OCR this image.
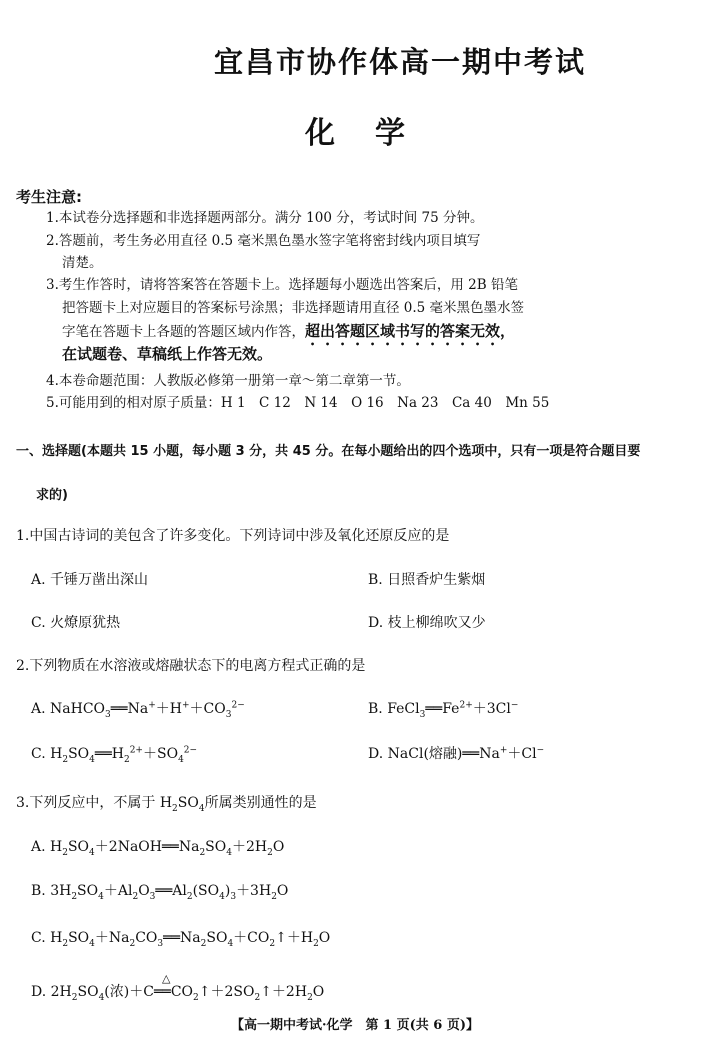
宜昌市协作体高一期中考试
化学
考生注意:
1.本试卷分选择题和非选择题两部分。满分 100 分，考试时间 75 分钟。
2.答题前，考生务必用直径 0.5 毫米黑色墨水签字笔将密封线内项目填写
清楚。
3.考生作答时，请将答案答在答题卡上。选择题每小题选出答案后，用 2B 铅笔
把答题卡上对应题目的答案标号涂黑；非选择题请用直径 0.5 毫米黑色墨水签
字笔在答题卡上各题的答题区域内作答，超出答题区域书写的答案无效，
在试题卷、草稿纸上作答无效。
4.本卷命题范围：人教版必修第一册第一章～第二章第一节。
5.可能用到的相对原子质量：H 1　C 12　N 14　O 16　Na 23　Ca 40　Mn 55
一、选择题(本题共 15 小题，每小题 3 分，共 45 分。在每小题给出的四个选项中，只有一项是符合题目要
求的)
1.中国古诗词的美包含了许多变化。下列诗词中涉及氧化还原反应的是
A. 千锤万凿出深山	B. 日照香炉生紫烟
C. 火燎原犹热	D. 枝上柳绵吹又少
2.下列物质在水溶液或熔融状态下的电离方程式正确的是
A. $NaHCO_3══Na^++H^++CO_3^{2-}$	B. $FeCl_3══Fe^{2+}+3Cl^-$
C. $H_2SO_4══H_2^{2+}+SO_4^{2-}$	D. NaCl(熔融)══Na+＋Cl−
3.下列反应中，不属于 $H_2SO_4$所属类别通性的是
A. $H_2SO_4+2NaOH══Na_2SO_4+2H_2O$
B. $3H_2SO_4+Al_2O_3══Al_2(SO_4)_3+3H_2O$
C. $H_2SO_4+Na_2CO_3══Na_2SO_4+CO_2↑+H_2O$
D. $2H_2SO_4$(浓)＋C
△
$══CO_2↑+2SO_2↑+2H_2O$
【高一期中考试·化学　第 1 页(共 6 页)】
